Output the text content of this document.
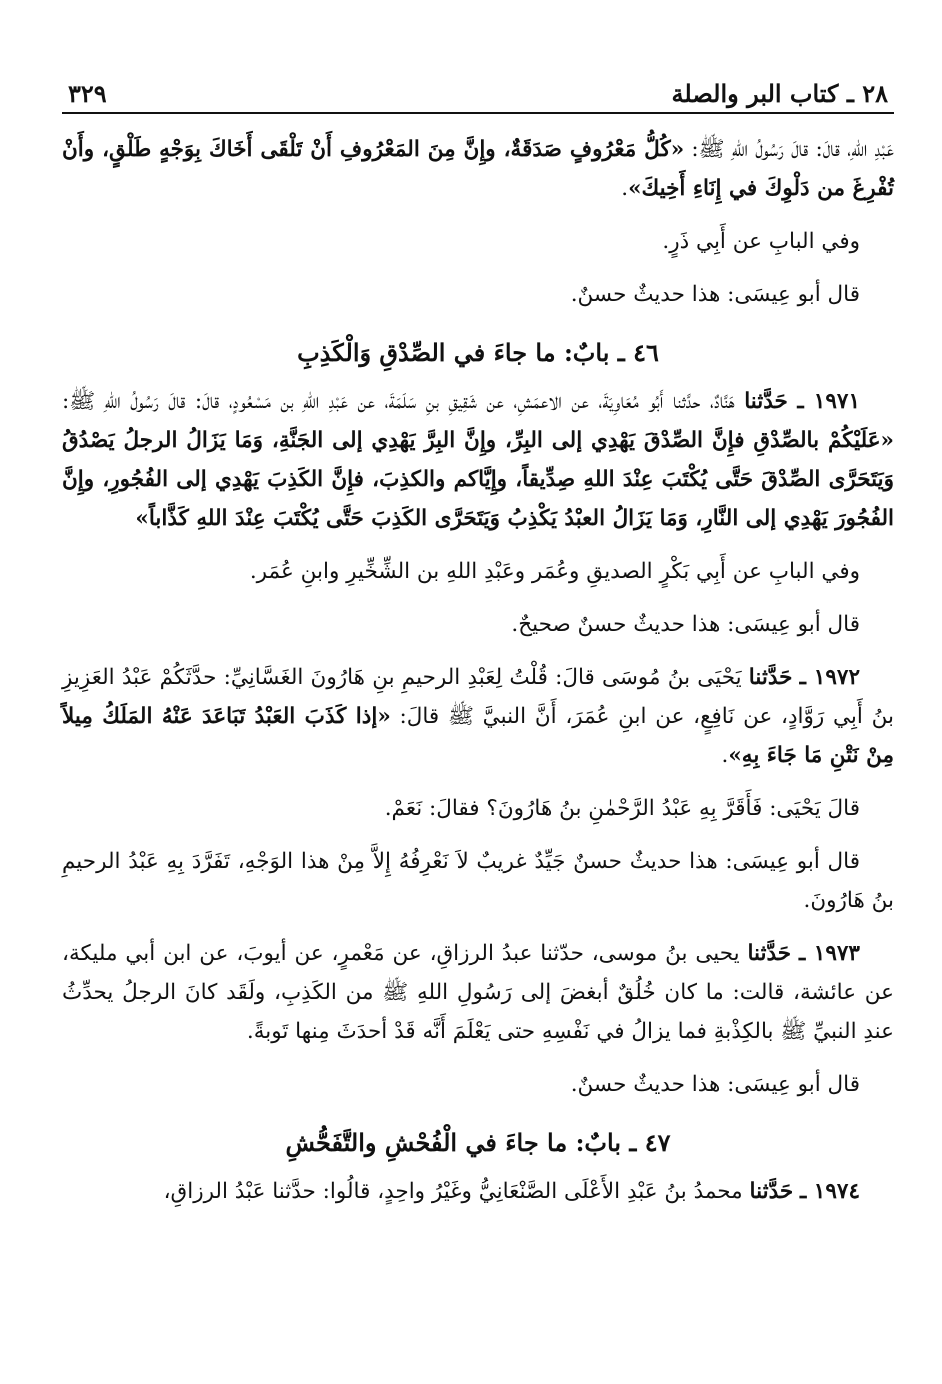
٢٨ ـ كتاب البر والصلة
٣٢٩

عَبْدِ اللهِ، قالَ: قالَ رَسُولُ اللهِ ﷺ: «كُلُّ مَعْرُوفٍ صَدَقَةٌ، وإِنَّ مِنَ المَعْرُوفِ أَنْ تَلْقَى أَخَاكَ بِوَجْهٍ طَلْقٍ، وأَنْ تُفْرِغَ من دَلْوِكَ في إِنَاءِ أَخِيكَ».

وفي البابِ عن أَبِي ذَرٍ.

قال أبو عِيسَى: هذا حديثٌ حسنٌ.

٤٦ ـ بابٌ: ما جاءَ في الصِّدْقِ وَالْكَذِبِ

١٩٧١ ـ حَدَّثنا هَنَّادٌ، حدَّثنا أَبُو مُعَاوِيَةَ، عن الاعمَشِ، عن شَقِيقِ بنِ سَلَمَةَ، عن عَبْدِ اللهِ بن مَسْعُودٍ، قالَ: قالَ رَسُولُ اللهِ ﷺ: «عَلَيْكُمْ بالصِّدْقِ فإِنَّ الصِّدْقَ يَهْدِي إلى البِرِّ، وإِنَّ البِرَّ يَهْدِي إلى الجَنَّةِ، وَمَا يَزَالُ الرجلُ يَصْدُقُ وَيَتَحَرَّى الصِّدْقَ حَتَّى يُكْتَبَ عِنْدَ اللهِ صِدِّيقاً، وإِيَّاكم والكذِبَ، فإِنَّ الكَذِبَ يَهْدِي إلى الفُجُورِ، وإِنَّ الفُجُورَ يَهْدِي إلى النَّارِ، وَمَا يَزَالُ العبْدُ يَكْذِبُ وَيَتَحَرَّى الكَذِبَ حَتَّى يُكْتَبَ عِنْدَ اللهِ كَذَّاباً»

وفي البابِ عن أَبِي بَكْرٍ الصديقِ وعُمَر وعَبْدِ اللهِ بن الشِّخِّيرِ وابنِ عُمَر.

قال أبو عِيسَى: هذا حديثٌ حسنٌ صحيحٌ.

١٩٧٢ ـ حَدَّثنا يَحْيَى بنُ مُوسَى قالَ: قُلْتُ لِعَبْدِ الرحيمِ بنِ هَارُونَ الغَسَّانِيِّ: حدَّثَكُمْ عَبْدُ العَزِيزِ بنُ أَبِي رَوَّادٍ، عن نَافِعٍ، عن ابنِ عُمَرَ، أَنَّ النبيَّ ﷺ قالَ: «إذا كَذَبَ العَبْدُ تَبَاعَدَ عَنْهُ المَلَكُ مِيلاً مِنْ نَتْنِ مَا جَاءَ بِهِ».

قالَ يَحْيَى: فَأَقَرَّ بِهِ عَبْدُ الرَّحْمٰنِ بنُ هَارُونَ؟ فقالَ: نَعَمْ.

قال أبو عِيسَى: هذا حديثٌ حسنٌ جَيِّدٌ غريبٌ لاَ نَعْرِفُهُ إِلاَّ مِنْ هذا الوَجْهِ، تَفَرَّدَ بِهِ عَبْدُ الرحيمِ بنُ هَارُونَ.

١٩٧٣ ـ حَدَّثنا يحيى بنُ موسى، حدّثنا عبدُ الرزاقِ، عن مَعْمرٍ، عن أيوبَ، عن ابن أبي مليكة، عن عائشة، قالت: ما كان خُلُقٌ أبغضَ إلى رَسُولِ اللهِ ﷺ من الكَذِبِ، ولَقَد كانَ الرجلُ يحدِّثُ عندِ النبيِّ ﷺ بالكِذْبةِ فما يزالُ في نَفْسِهِ حتى يَعْلَمَ أَنَّه قَدْ أحدَثَ مِنها تَوبةً.

قال أبو عِيسَى: هذا حديثٌ حسنٌ.

٤٧ ـ بابٌ: ما جاءَ في الْفُحْشِ والتَّفَحُّشِ

١٩٧٤ ـ حَدَّثنا محمدُ بنُ عَبْدِ الأَعْلَى الصَّنْعَانِيُّ وغَيْرُ واحِدٍ، قالُوا: حدَّثنا عَبْدُ الرزاقِ،
